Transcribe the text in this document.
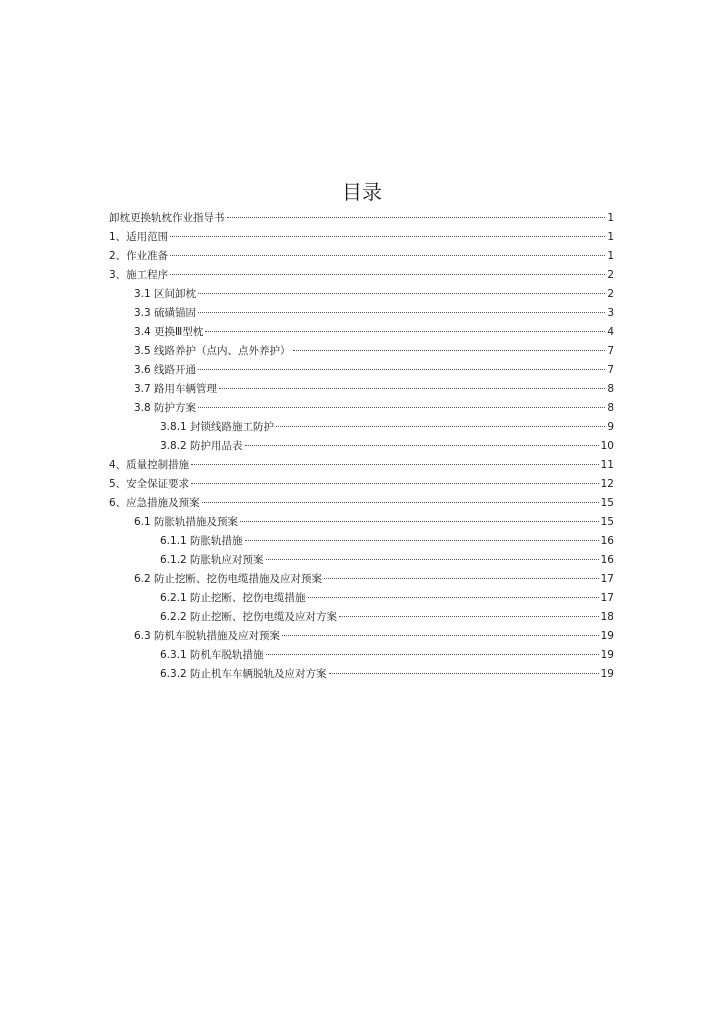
目录
卸枕更换轨枕作业指导书	1
1、适用范围	1
2、作业准备	1
3、施工程序	2
3.1 区间卸枕	2
3.3 硫磺锚固	3
3.4 更换Ⅲ型枕	4
3.5 线路养护（点内、点外养护）	7
3.6 线路开通	7
3.7 路用车辆管理	8
3.8 防护方案	8
3.8.1 封锁线路施工防护	9
3.8.2 防护用品表	10
4、质量控制措施	11
5、安全保证要求	12
6、应急措施及预案	15
6.1 防胀轨措施及预案	15
6.1.1 防胀轨措施	16
6.1.2 防胀轨应对预案	16
6.2 防止挖断、挖伤电缆措施及应对预案	17
6.2.1 防止挖断、挖伤电缆措施	17
6.2.2 防止挖断、挖伤电缆及应对方案	18
6.3 防机车脱轨措施及应对预案	19
6.3.1 防机车脱轨措施	19
6.3.2 防止机车车辆脱轨及应对方案	19
